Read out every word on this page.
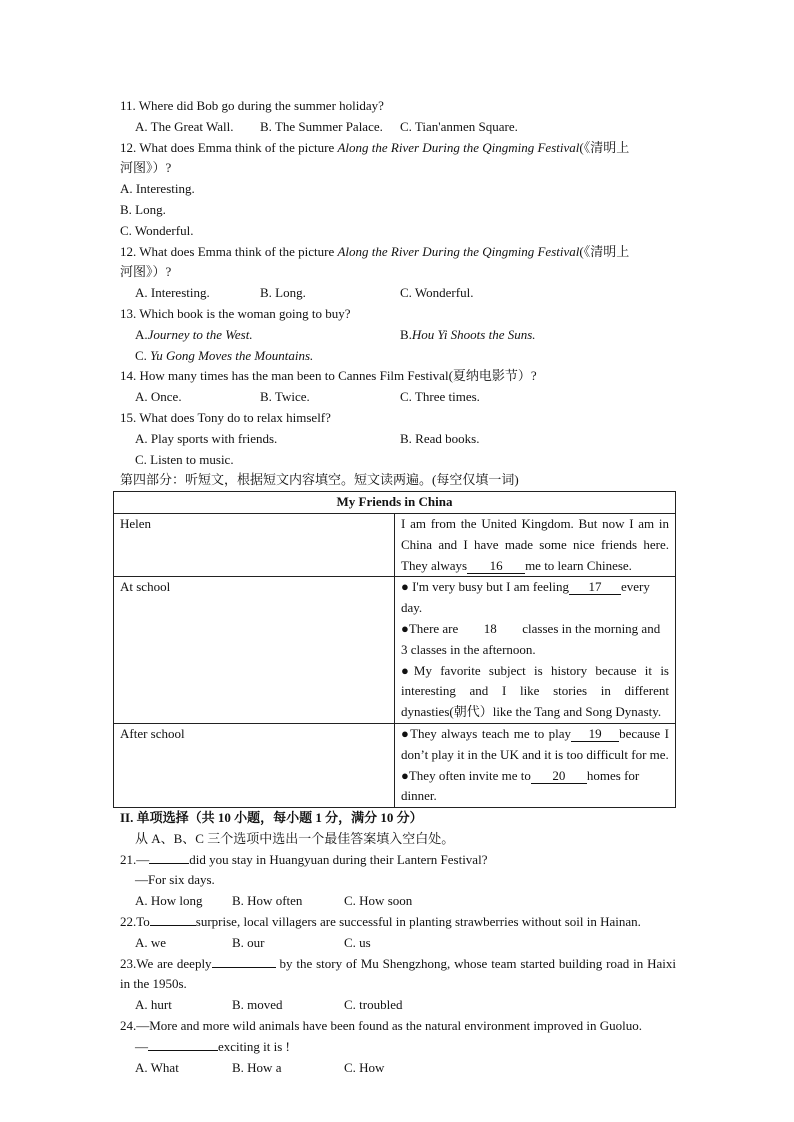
11. Where did Bob go during the summer holiday?
A. The Great Wall.	B. The Summer Palace.	C. Tian'anmen Square.
12. What does Emma think of the picture Along the River During the Qingming Festival(《清明上
河图》）?
A. Interesting.
B. Long.
C. Wonderful.
12. What does Emma think of the picture Along the River During the Qingming Festival(《清明上
河图》）?
A. Interesting.	B. Long.	C. Wonderful.
13. Which book is the woman going to buy?
A.Journey to the West.	B.Hou Yi Shoots the Suns.
C. Yu Gong Moves the Mountains.
14. How many times has the man been to Cannes Film Festival(夏纳电影节）?
A. Once.	B. Twice.	C. Three times.
15. What does Tony do to relax himself?
A. Play sports with friends.	B. Read books.
C. Listen to music.
第四部分：听短文，根据短文内容填空。短文读两遍。(每空仅填一词)
My Friends in China	
Helen	I am from the United Kingdom. But now I am in China and I have made some nice friends here. They always 16 me to learn Chinese.
At school	● I'm very busy but I am feeling 17 every day.
●There are 18 classes in the morning and 3 classes in the afternoon.
●My favorite subject is history because it is interesting and I like stories in different dynasties(朝代）like the Tang and Song Dynasty.

After school	●They always teach me to play 19 because I don’t play it in the UK and it is too difficult for me.
●They often invite me to 20 homes for dinner.
II. 单项选择（共 10 小题，每小题 1 分，满分 10 分）
从 A、B、C 三个选项中选出一个最佳答案填入空白处。
21.—	did you stay in Huangyuan during their Lantern Festival?
—For six days.
A. How long	B. How often	C. How soon
22.To	surprise, local villagers are successful in planting strawberries without soil in Hainan.
A. we	B. our	C. us
23.We are deeply	by the story of Mu Shengzhong, whose team started building road in Haixi in the 1950s.
A. hurt	B. moved	C. troubled
24.—More and more wild animals have been found as the natural environment improved in Guoluo.
—	exciting it is !
A. What	B. How a	C. How
